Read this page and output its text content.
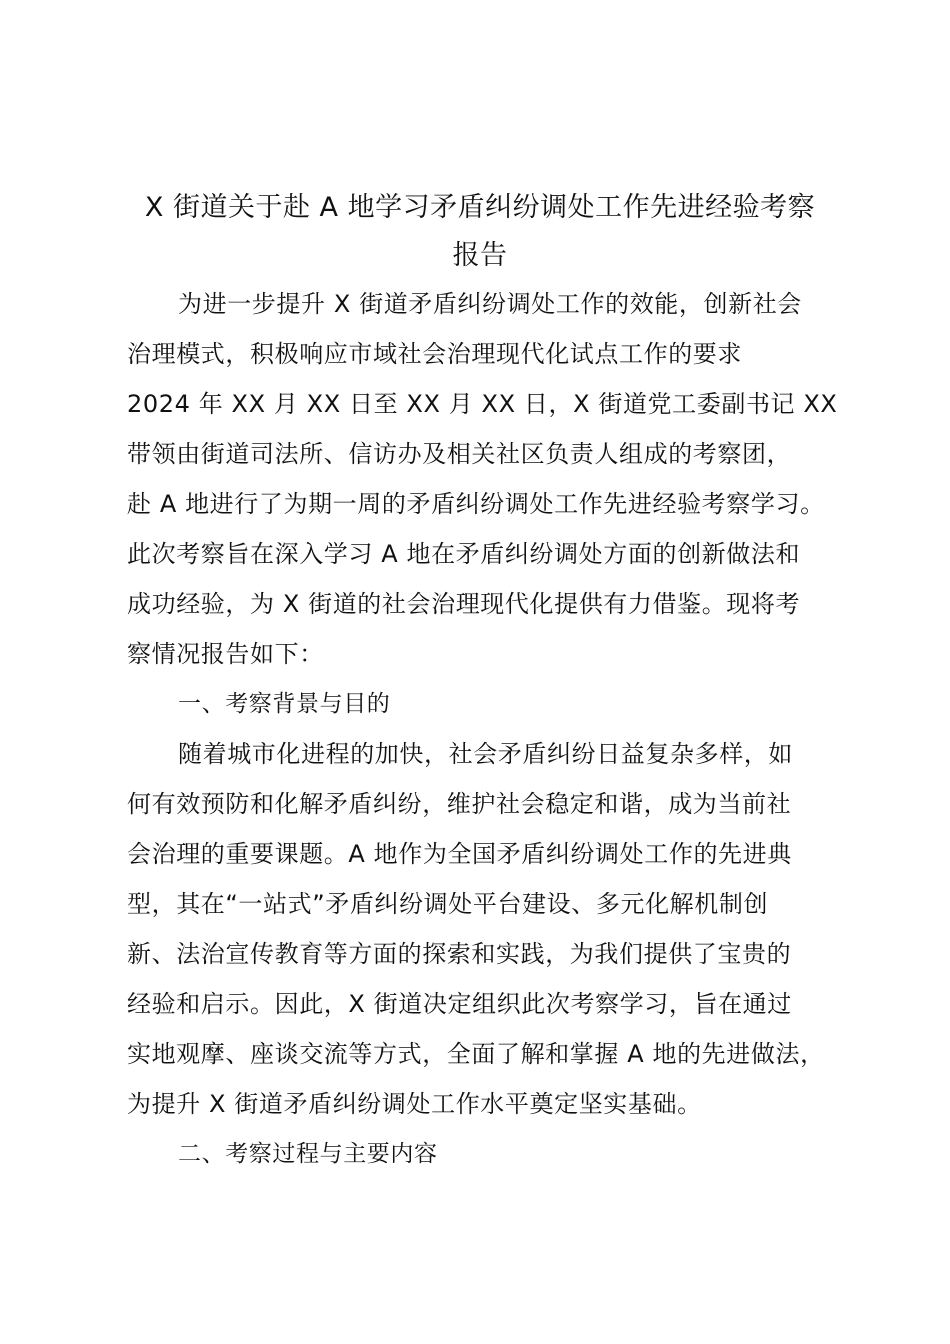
X 街道关于赴 A 地学习矛盾纠纷调处工作先进经验考察
报告
为进一步提升 X 街道矛盾纠纷调处工作的效能，创新社会
治理模式，积极响应市域社会治理现代化试点工作的要求
2024 年 XX 月 XX 日至 XX 月 XX 日，X 街道党工委副书记 XX
带领由街道司法所、信访办及相关社区负责人组成的考察团，
赴 A 地进行了为期一周的矛盾纠纷调处工作先进经验考察学习。
此次考察旨在深入学习 A 地在矛盾纠纷调处方面的创新做法和
成功经验，为 X 街道的社会治理现代化提供有力借鉴。现将考
察情况报告如下：
一、考察背景与目的
随着城市化进程的加快，社会矛盾纠纷日益复杂多样，如
何有效预防和化解矛盾纠纷，维护社会稳定和谐，成为当前社
会治理的重要课题。A 地作为全国矛盾纠纷调处工作的先进典
型，其在“一站式”矛盾纠纷调处平台建设、多元化解机制创
新、法治宣传教育等方面的探索和实践，为我们提供了宝贵的
经验和启示。因此，X 街道决定组织此次考察学习，旨在通过
实地观摩、座谈交流等方式，全面了解和掌握 A 地的先进做法，
为提升 X 街道矛盾纠纷调处工作水平奠定坚实基础。
二、考察过程与主要内容
